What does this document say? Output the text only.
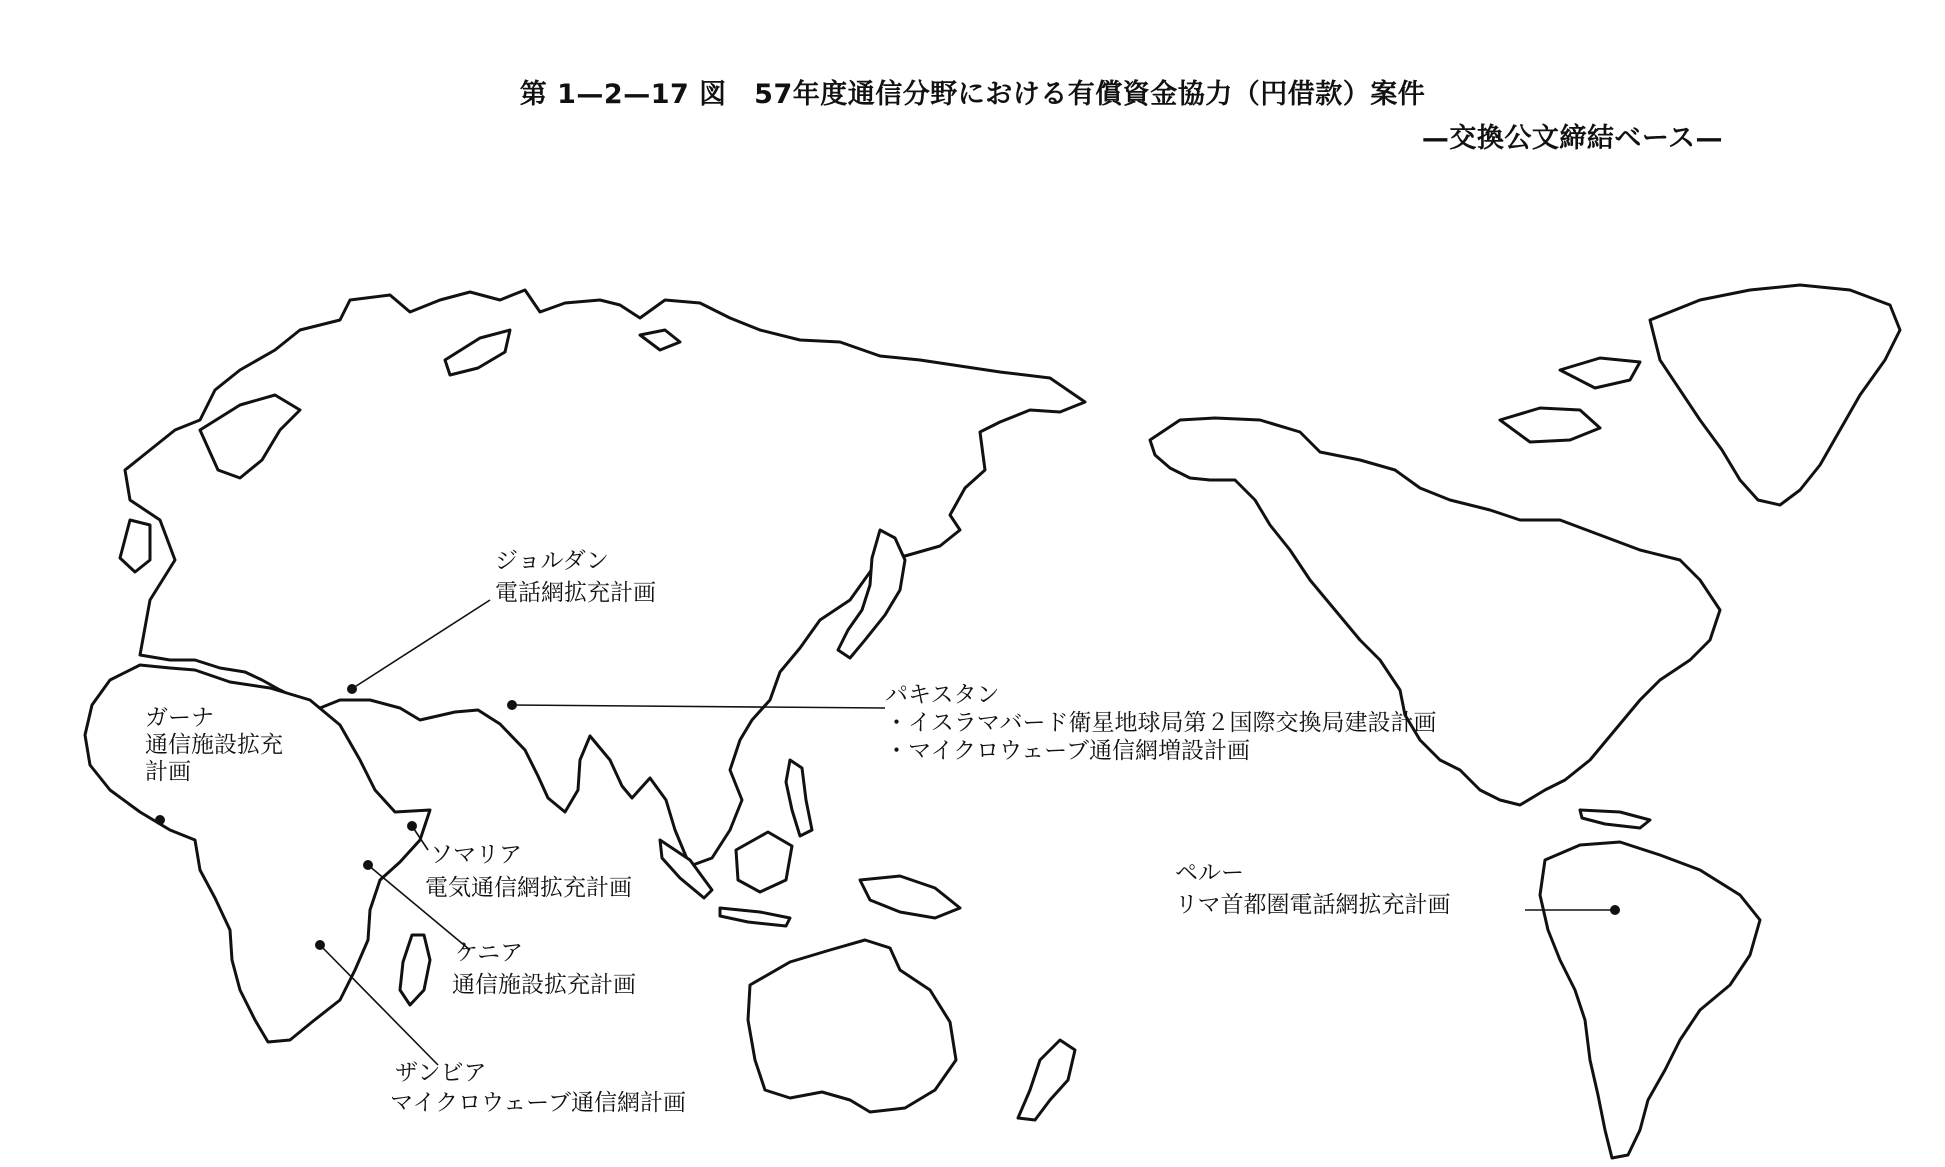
第 1—2—17 図　57年度通信分野における有償資金協力（円借款）案件
—交換公文締結ベース—
ジョルダン
電話網拡充計画
ガーナ
通信施設拡充
計画
パキスタン
・イスラマバード衛星地球局第２国際交換局建設計画
・マイクロウェーブ通信網増設計画
ソマリア
電気通信網拡充計画
ケニア
通信施設拡充計画
ザンビア
マイクロウェーブ通信網計画
ペルー
リマ首都圏電話網拡充計画
